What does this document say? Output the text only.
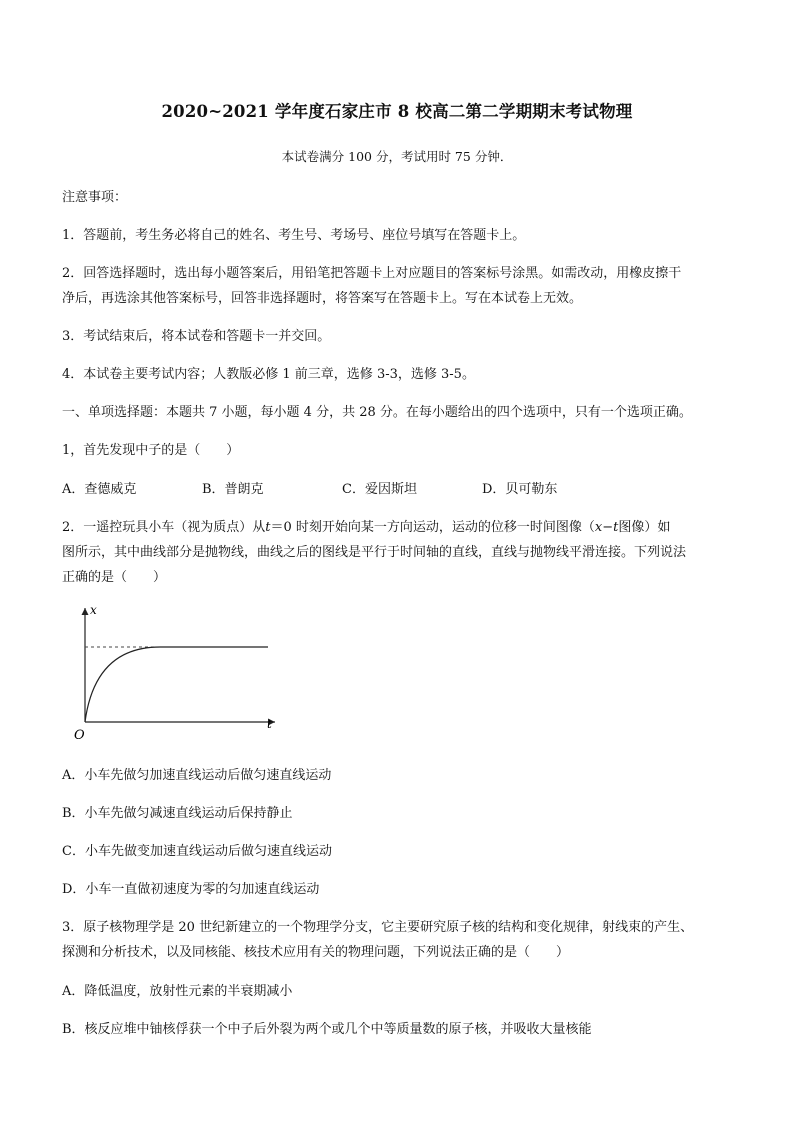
2020~2021 学年度石家庄市 8 校高二第二学期期末考试物理
本试卷满分 100 分，考试用时 75 分钟．
注意事项：
1．答题前，考生务必将自己的姓名、考生号、考场号、座位号填写在答题卡上。
2．回答选择题时，选出每小题答案后，用铅笔把答题卡上对应题目的答案标号涂黑。如需改动，用橡皮擦干
净后，再选涂其他答案标号，回答非选择题时，将答案写在答题卡上。写在本试卷上无效。
3．考试结束后，将本试卷和答题卡一并交回。
4．本试卷主要考试内容；人教版必修 1 前三章，选修 3-3，选修 3-5。
一、单项选择题：本题共 7 小题，每小题 4 分，共 28 分。在每小题给出的四个选项中，只有一个选项正确。
1，首先发现中子的是（　　）
A．查德威克	B．普朗克	C．爱因斯坦	D．贝可勒东
2．一遥控玩具小车（视为质点）从t＝0 时刻开始向某一方向运动，运动的位移一时间图像（x−t图像）如
图所示，其中曲线部分是抛物线，曲线之后的图线是平行于时间轴的直线，直线与抛物线平滑连接。下列说法
正确的是（　　）
x
t
O
A．小车先做匀加速直线运动后做匀速直线运动
B．小车先做匀减速直线运动后保持静止
C．小车先做变加速直线运动后做匀速直线运动
D．小车一直做初速度为零的匀加速直线运动
3．原子核物理学是 20 世纪新建立的一个物理学分支，它主要研究原子核的结构和变化规律，射线束的产生、
探测和分析技术，以及同核能、核技术应用有关的物理问题，下列说法正确的是（　　）
A．降低温度，放射性元素的半衰期减小
B．核反应堆中铀核俘获一个中子后外裂为两个或几个中等质量数的原子核，并吸收大量核能
